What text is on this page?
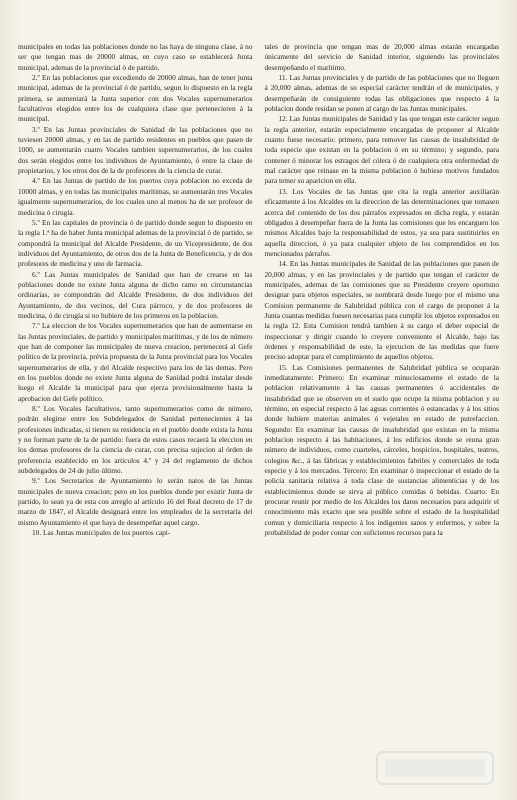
municipales en todas las poblaciones donde no las haya de ninguna clase, á no ser que tengan mas de 20000 almas, en cuyo caso se establecerá Junta municipal, ademas de la provincial ó de partido.

2.º En las poblaciones que excediendo de 20000 almas, han de tener junta municipal, ademas de la provincial ó de partido, segun lo dispuesto en la regla primera, se aumentará la Junta superior con dos Vocales supernumerarios facultativos elegidos entre los de cualquiera clase que pertenecieren á la municipal.

3.º En las Juntas provinciales de Sanidad de las poblaciones que no tuviesen 20000 almas, y en las de partido residentes en pueblos que pasen de 1000, se aumentarán cuatro Vocales tambien supernumerarios, de los cuales dos serán elegidos entre los individuos de Ayuntamiento, ó entre la clase de propietarios, y los otros dos de la de profesores de la ciencia de curar.

4.º En las Juntas de partido de los puertos cuya poblacion no exceda de 10000 almas, y en todas las municipales marítimas, se aumentarán tres Vocales igualmente supernumerarios, de los cuales uno al menos ha de ser profesor de medicina ó cirugía.

5.º En las capitales de provincia ó de partido donde segun lo dispuesto en la regla 1.ª ha de haber Junta municipal ademas de la provincial ó de partido, se compondrá la municipal del Alcalde Presidente, de un Vicepresidente, de dos individuos del Ayuntamiento, de otros dos de la Junta de Beneficencia, y de dos profesores de medicina y uno de farmacia.

6.º Las Juntas municipales de Sanidad que han de crearse en las poblaciones donde no existe Junta alguna de dicho ramo en circunstancias ordinarias, se compondrán del Alcalde Presidente, de dos individuos del Ayuntamiento, de dos vecinos, del Cura párroco, y de dos profesores de medicina, ó de cirugía si no hubiere de los primeros en la poblacion.

7.º La eleccion de los Vocales supernumerarios que han de aumentarse en las Juntas provinciales, de partido y municipales marítimas, y de los de número que han de componer las municipales de nueva creacion, pertenecerá al Gefe político de la provincia, prévia propuesta de la Junta provincial para los Vocales supernumerarios de ella, y del Alcalde respectivo para los de las demas. Pero en los pueblos donde no existe Junta alguna de Sanidad podrá instalar desde luego el Alcalde la municipal para que ejerza provisionalmente hasta la aprobacion del Gefe político.

8.º Los Vocales facultativos, tanto supernumerarios como de número, podrán elegirse entre los Subdelegados de Sanidad pertenecientes á las profesiones indicadas, si tienen su residencia en el pueblo donde exista la Junta y no forman parte de la de partido: fuera de estos casos recaerá la eleccion en los demas profesores de la ciencia de curar, con precisa sujecion al órden de preferencia establecido en los artículos 4.º y 24 del reglamento de dichos subdelegados de 24 de julio último.

9.º Los Secretarios de Ayuntamiento lo serán natos de las Juntas municipales de nueva creacion; pero en los pueblos donde per existir Junta de partido, lo sean ya de esta con arreglo al artículo 16 del Real decreto de 17 de marzo de 1847, el Alcalde designará entre los empleados de la secretaría del mismo Ayuntamiento el que haya de desempeñar aquel cargo.

10. Las Juntas municipales de los puertos capi-

tales de provincia que tengan mas de 20,000 almas estarán encargadas únicamente del servicio de Sanidad interior, siguiendo las provinciales desempeñando el marítimo.

11. Las Juntas provinciales y de partido de las poblaciones que no lleguen á 20,000 almas, ademas de su especial carácter tendrán el de municipales, y desempeñarán de consiguiente todas las obligaciones que respecto á la poblacion donde residan se ponen al cargo de las Juntas municipales.

12. Las Juntas municipales de Sanidad y las que tengan este carácter segun la regla anterior, estarán especialmente encargadas de proponer al Alcalde cuanto fuese necesario: primero, para remover las causas de insalubridad de toda especie que existan en la poblacion ó en su término; y segundo, para contener ó minorar los estragos del cólera ó de cualquiera otra enfermedad de mal carácter que reinase en la misma poblacion ó hubiese motivos fundados para temer su aparicion en ella.

13. Los Vocales de las Juntas que cita la regla anterior auxiliarán eficazmente á los Alcaldes en la direccion de las determinaciones que tomasen acerca del contenido de los dos párrafos expresados en dicha regla, y estarán obligados á desempeñar fuera de la Junta las comisiones que les encarguen los mismos Alcaldes bajo la responsabilidad de estos, ya sea para sustituirles en aquella direccion, ó ya para cualquier objeto de los comprendidos en los mencionados párrafos.

14. En las Juntas municipales de Sanidad de las poblaciones que pasen de 20,000 almas, y en las provinciales y de partido que tengan el carácter de municipales, ademas de las comisiones que su Presidente creyere oportuno designar para objetos especiales, se nombrará desde luego por el mismo una Comision permanente de Salubridad pública con el cargo de proponer á la Junta cuantas medidas fuesen necesarias para cumplir los objetos expresados en la regla 12. Esta Comision tendrá tambien á su cargo el deber especial de inspeccionar y dirigir cuando lo creyere conveniente el Alcalde, bajo las órdenes y responsabilidad de este, la ejecucion de las medidas que fuere preciso adoptar para el cumplimiento de aquellos objetos.

15. Las Comisiones permanentes de Salubridad pública se ocuparán inmediatamente: Primero: En examinar minuciosamente el estado de la poblacion relativamente á las causas permanentes ó accidentales de insalubridad que se observen en el suelo que ocupe la misma poblacion y su término, en especial respecto á las aguas corrientes ó estancadas y á los sitios donde hubiere materias animales ó vejetales en estado de putrefaccion. Segundo: En examinar las causas de insalubridad que existan en la misma poblacion respecto á las habitaciones, á los edificios donde se reuna gran número de individuos, como cuarteles, cárceles, hospicios, hospitales, teatros, colegios &c., á las fábricas y establecimientos fabriles y comerciales de toda especie y á los mercados. Tercero: En examinar ó inspeccionar el estado de la policía sanitaria relativa á toda clase de sustancias alimenticias y de los establecimientos donde se sirva al público comidas ó bebidas. Cuarto: En procurar reunir por medio de los Alcaldes los datos necesarios para adquirir el conocimiento más exacto que sea posible sobre el estado de la hospitalidad comun y domiciliaria respecto á los indigentes sanos y enfermos, y sobre la probabilidad de poder contar con suficientes recursos para la
